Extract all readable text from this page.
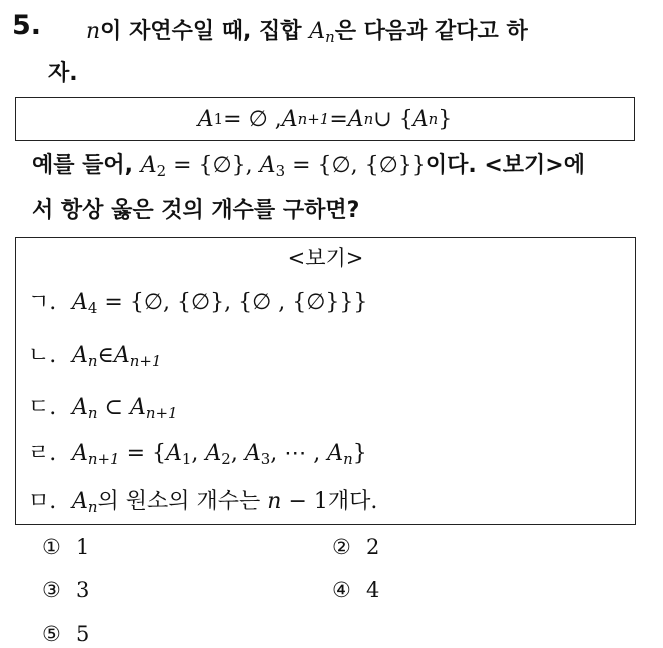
5. n이 자연수일 때, 집합 $A_n$은 다음과 같다고 하
자.
A 1 = ∅ , A n+1 = A n ∪ { A n }
예를 들어, $A_2$ = {∅}, $A_3$ = {∅, {∅}}이다. <보기>에
서 항상 옳은 것의 개수를 구하면?
<보기>
ㄱ. $A_4$ = {∅, {∅}, {∅ , {∅}}}
ㄴ. $A_n\in A_{n+1}$
ㄷ. $A_n$ ⊂ $A_{n+1}$
ㄹ. $A_{n+1} = \{A_1$, $A_2$, $A_3$, ⋯ , $A_n$}
ㅁ. $A_n$의 원소의 개수는 n − 1개다.
① 1	② 2
③ 3	④ 4
⑤ 5
